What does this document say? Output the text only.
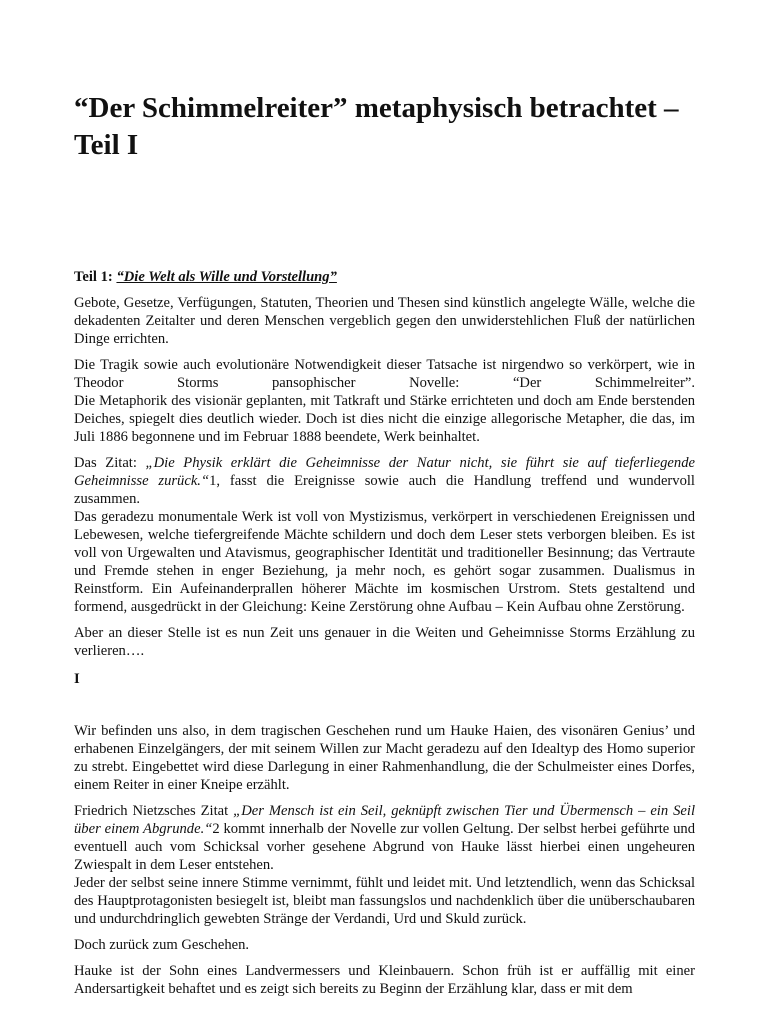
“Der Schimmelreiter” metaphysisch betrachtet – Teil I
Teil 1: “Die Welt als Wille und Vorstellung”

Gebote, Gesetze, Verfügungen, Statuten, Theorien und Thesen sind künstlich angelegte Wälle, welche die dekadenten Zeitalter und deren Menschen vergeblich gegen den unwiderstehlichen Fluß der natürlichen Dinge errichten.

Die Tragik sowie auch evolutionäre Notwendigkeit dieser Tatsache ist nirgendwo so verkörpert, wie in Theodor Storms pansophischer Novelle: “Der Schimmelreiter”.

Die Metaphorik des visionär geplanten, mit Tatkraft und Stärke errichteten und doch am Ende berstenden Deiches, spiegelt dies deutlich wieder. Doch ist dies nicht die einzige allegorische Metapher, die das, im Juli 1886 begonnene und im Februar 1888 beendete, Werk beinhaltet.

Das Zitat: „Die Physik erklärt die Geheimnisse der Natur nicht, sie führt sie auf tieferliegende Geheimnisse zurück.“1, fasst die Ereignisse sowie auch die Handlung treffend und wundervoll zusammen.

Das geradezu monumentale Werk ist voll von Mystizismus, verkörpert in verschiedenen Ereignissen und Lebewesen, welche tiefergreifende Mächte schildern und doch dem Leser stets verborgen bleiben. Es ist voll von Urgewalten und Atavismus, geographischer Identität und traditioneller Besinnung; das Vertraute und Fremde stehen in enger Beziehung, ja mehr noch, es gehört sogar zusammen. Dualismus in Reinstform. Ein Aufeinanderprallen höherer Mächte im kosmischen Urstrom. Stets gestaltend und formend, ausgedrückt in der Gleichung: Keine Zerstörung ohne Aufbau – Kein Aufbau ohne Zerstörung.

Aber an dieser Stelle ist es nun Zeit uns genauer in die Weiten und Geheimnisse Storms Erzählung zu verlieren….

I

Wir befinden uns also, in dem tragischen Geschehen rund um Hauke Haien, des visonären Genius’ und erhabenen Einzelgängers, der mit seinem Willen zur Macht geradezu auf den Idealtyp des Homo superior zu strebt. Eingebettet wird diese Darlegung in einer Rahmenhandlung, die der Schulmeister eines Dorfes, einem Reiter in einer Kneipe erzählt.

Friedrich Nietzsches Zitat „Der Mensch ist ein Seil, geknüpft zwischen Tier und Übermensch – ein Seil über einem Abgrunde.“2 kommt innerhalb der Novelle zur vollen Geltung. Der selbst herbei geführte und eventuell auch vom Schicksal vorher gesehene Abgrund von Hauke lässt hierbei einen ungeheuren Zwiespalt in dem Leser entstehen.

Jeder der selbst seine innere Stimme vernimmt, fühlt und leidet mit. Und letztendlich, wenn das Schicksal des Hauptprotagonisten besiegelt ist, bleibt man fassungslos und nachdenklich über die unüberschaubaren und undurchdringlich gewebten Stränge der Verdandi, Urd und Skuld zurück.

Doch zurück zum Geschehen.

Hauke ist der Sohn eines Landvermessers und Kleinbauern. Schon früh ist er auffällig mit einer Andersartigkeit behaftet und es zeigt sich bereits zu Beginn der Erzählung klar, dass er mit dem
